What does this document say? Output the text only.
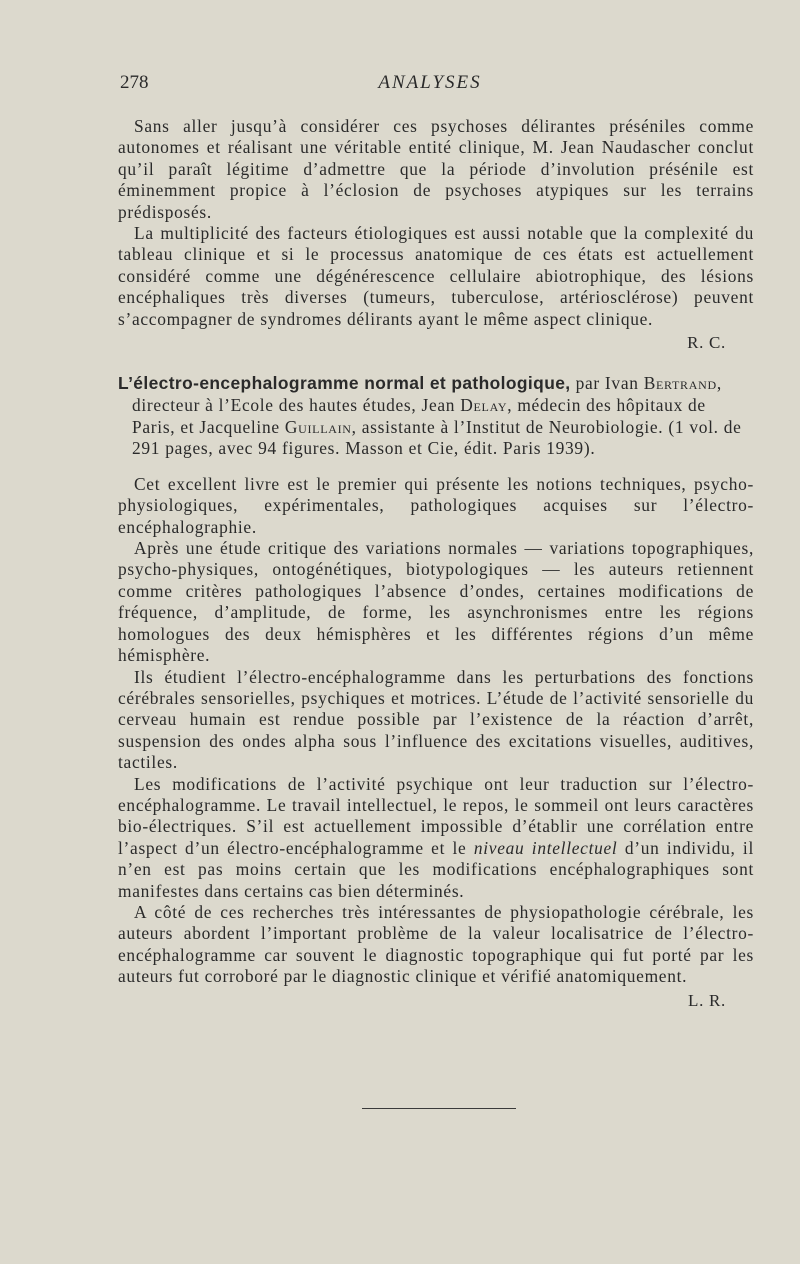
278	ANALYSES

Sans aller jusqu’à considérer ces psychoses délirantes préséniles comme autonomes et réalisant une véritable entité clinique, M. Jean Naudascher conclut qu’il paraît légitime d’admettre que la période d’involution présénile est éminemment propice à l’éclosion de psychoses atypiques sur les terrains prédisposés.

La multiplicité des facteurs étiologiques est aussi notable que la complexité du tableau clinique et si le processus anatomique de ces états est actuellement considéré comme une dégénérescence cellulaire abiotrophique, des lésions encéphaliques très diverses (tumeurs, tuberculose, artériosclérose) peuvent s’accompagner de syndromes délirants ayant le même aspect clinique.

R. C.
L’électro-encephalogramme normal et pathologique, par Ivan Bertrand, directeur à l’Ecole des hautes études, Jean Delay, médecin des hôpitaux de Paris, et Jacqueline Guillain, assistante à l’Institut de Neurobiologie. (1 vol. de 291 pages, avec 94 figures. Masson et Cie, édit. Paris 1939).

Cet excellent livre est le premier qui présente les notions techniques, psycho-physiologiques, expérimentales, pathologiques acquises sur l’électro-encéphalographie.

Après une étude critique des variations normales — variations topographiques, psycho-physiques, ontogénétiques, biotypologiques — les auteurs retiennent comme critères pathologiques l’absence d’ondes, certaines modifications de fréquence, d’amplitude, de forme, les asynchronismes entre les régions homologues des deux hémisphères et les différentes régions d’un même hémisphère.

Ils étudient l’électro-encéphalogramme dans les perturbations des fonctions cérébrales sensorielles, psychiques et motrices. L’étude de l’activité sensorielle du cerveau humain est rendue possible par l’existence de la réaction d’arrêt, suspension des ondes alpha sous l’influence des excitations visuelles, auditives, tactiles.

Les modifications de l’activité psychique ont leur traduction sur l’électro-encéphalogramme. Le travail intellectuel, le repos, le sommeil ont leurs caractères bio-électriques. S’il est actuellement impossible d’établir une corrélation entre l’aspect d’un électro-encéphalogramme et le niveau intellectuel d’un individu, il n’en est pas moins certain que les modifications encéphalographiques sont manifestes dans certains cas bien déterminés.

A côté de ces recherches très intéressantes de physiopathologie cérébrale, les auteurs abordent l’important problème de la valeur localisatrice de l’électro-encéphalogramme car souvent le diagnostic topographique qui fut porté par les auteurs fut corroboré par le diagnostic clinique et vérifié anatomiquement.

L. R.
